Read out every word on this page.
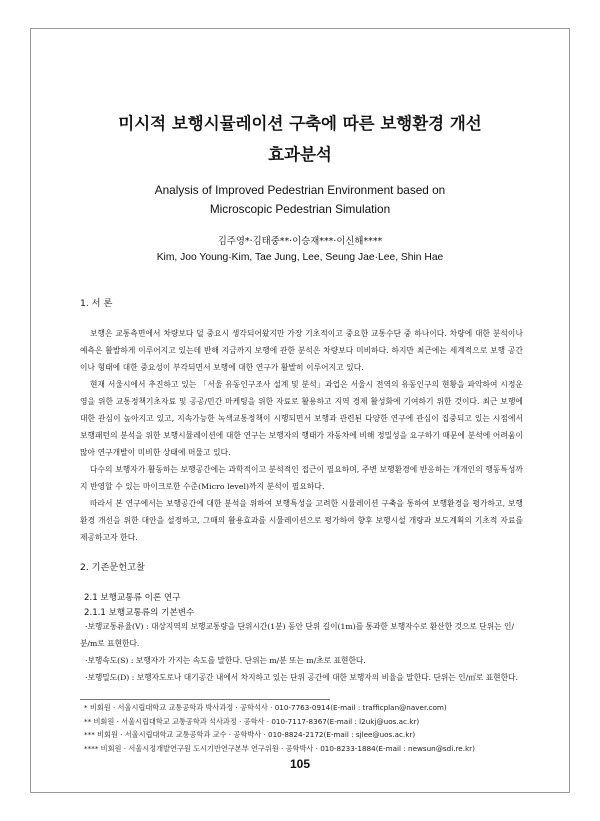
미시적 보행시뮬레이션 구축에 따른 보행환경 개선
효과분석
Analysis of Improved Pedestrian Environment based on
Microscopic Pedestrian Simulation
김주영*·김태중**·이승재***·이신해****
Kim, Joo Young·Kim, Tae Jung, Lee, Seung Jae·Lee, Shin Hae
1. 서 론

보행은 교통측면에서 차량보다 덜 중요시 생각되어왔지만 가장 기초적이고 중요한 교통수단 중 하나이다. 차량에 대한 분석이나 예측은 활발하게 이루어지고 있는데 반해 지금까지 보행에 관한 분석은 차량보다 미비하다. 하지만 최근에는 세계적으로 보행 공간이나 형태에 대한 중요성이 부각되면서 보행에 대한 연구가 활발히 이루어지고 있다.

현재 서울시에서 추진하고 있는 「서울 유동인구조사 설계 및 분석」과업은 서울시 전역의 유동인구의 현황을 파악하여 시정운영을 위한 교통정책기초자료 및 공공/민간 마케팅을 위한 자료로 활용하고 지역 경제 활성화에 기여하기 위한 것이다. 최근 보행에 대한 관심이 높아지고 있고, 지속가능한 녹색교통정책이 시행되면서 보행과 관련된 다양한 연구에 관심이 집중되고 있는 시점에서 보행패턴의 분석을 위한 보행시뮬레이션에 대한 연구는 보행자의 행태가 자동차에 비해 정밀성을 요구하기 때문에 분석에 어려움이 많아 연구개발이 미비한 상태에 머물고 있다.

다수의 보행자가 활동하는 보행공간에는 과학적이고 분석적인 접근이 필요하며, 주변 보행환경에 반응하는 개개인의 행동특성까지 반영할 수 있는 마이크로한 수준(Micro level)까지 분석이 필요하다.

따라서 본 연구에서는 보행공간에 대한 분석을 위하여 보행특성을 고려한 시뮬레이션 구축을 통하여 보행환경을 평가하고, 보행환경 개선을 위한 대안을 설정하고, 그때의 활용효과를 시뮬레이션으로 평가하여 향후 보행시설 개량과 보도계획의 기초적 자료를 제공하고자 한다.

2. 기존문헌고찰
2.1 보행교통류 이론 연구
2.1.1 보행교통류의 기본변수

·보행교통류율(V) : 대상지역의 보행교통량을 단위시간(1분) 동안 단위 길이(1m)를 통과한 보행자수로 환산한 것으로 단위는 인/분/m로 표현한다.

·보행속도(S) : 보행자가 가지는 속도를 말한다. 단위는 m/분 또는 m/초로 표현한다.

·보행밀도(D) : 보행자도로나 대기공간 내에서 차지하고 있는 단위 공간에 대한 보행자의 비율을 말한다. 단위는 인/㎡로 표현한다.

* 비회원 · 서울시립대학교 교통공학과 박사과정 · 공학석사 · 010-7763-0914(E-mail : trafficplan@naver.com)
** 비회원 · 서울시립대학교 교통공학과 석사과정 · 공학사 · 010-7117-8367(E-mail : l2ukj@uos.ac.kr)
*** 비회원 · 서울시립대학교 교통공학과 교수 · 공학박사 · 010-8824-2172(E-mail : sjlee@uos.ac.kr)
**** 비회원 · 서울시정개발연구원 도시기반연구본부 연구위원 · 공학박사 · 010-8233-1884(E-mail : newsun@sdi.re.kr)
105
